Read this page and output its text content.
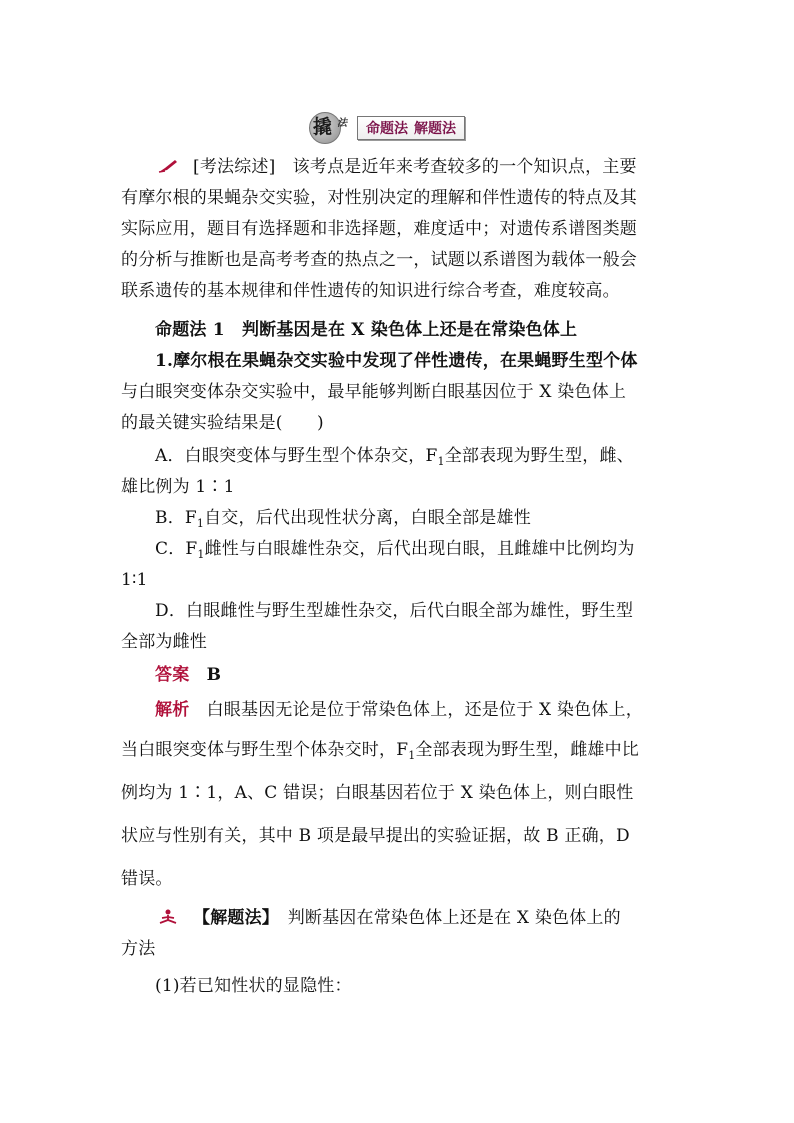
撬 法 命题法 解题法
[考法综述]　 该考点是近年来考查较多的一个知识点，主要
有摩尔根的果蝇杂交实验，对性别决定的理解和伴性遗传的特点及其
实际应用，题目有选择题和非选择题，难度适中；对遗传系谱图类题
的分析与推断也是高考考查的热点之一，试题以系谱图为载体一般会
联系遗传的基本规律和伴性遗传的知识进行综合考查，难度较高。
命题法 1　判断基因是在 X 染色体上还是在常染色体上
1.摩尔根在果蝇杂交实验中发现了伴性遗传，在果蝇野生型个体
与白眼突变体杂交实验中，最早能够判断白眼基因位于 X 染色体上
的最关键实验结果是(　　)
A．白眼突变体与野生型个体杂交，$F_1$全部表现为野生型，雌、
雄比例为 1∶1
B．$F_1$自交，后代出现性状分离，白眼全部是雄性
C．$F_1$雌性与白眼雄性杂交，后代出现白眼，且雌雄中比例均为
1∶1
D．白眼雌性与野生型雄性杂交，后代白眼全部为雄性，野生型
全部为雌性
答案　 B
解析　 白眼基因无论是位于常染色体上，还是位于 X 染色体上，
当白眼突变体与野生型个体杂交时，$F_1$全部表现为野生型，雌雄中比
例均为 1∶1，A、C 错误；白眼基因若位于 X 染色体上，则白眼性
状应与性别有关，其中 B 项是最早提出的实验证据，故 B 正确，D
错误。
【解题法】　 判断基因在常染色体上还是在 X 染色体上的
方法
(1)若已知性状的显隐性：
